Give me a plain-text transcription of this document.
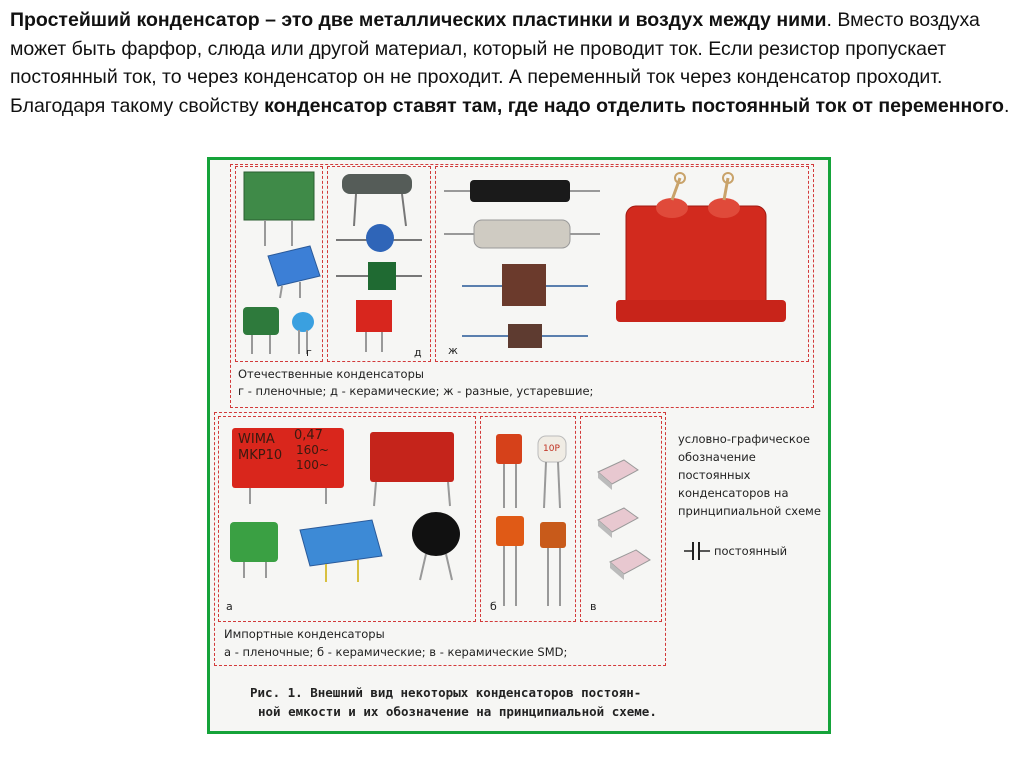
Простейший конденсатор – это две металлических пластинки и воздух между ними. Вместо воздуха может быть фарфор, слюда или другой материал, который не проводит ток. Если резистор пропускает постоянный ток, то через конденсатор он не проходит. А переменный ток через конденсатор проходит. Благодаря такому свойству конденсатор ставят там, где надо отделить постоянный ток от переменного.
г	д ж
Отечественные конденсаторы
г - пленочные; д - керамические; ж - разные, устаревшие;
WIMA
MKP10
0,47
160~
100~
а
10P
б	в
Импортные конденсаторы
а - пленочные; б - керамические; в - керамические SMD;
условно-графическое обозначение постоянных конденсаторов на принципиальной схеме
постоянный
Рис. 1. Внешний вид некоторых конденсаторов постоян-
ной емкости и их обозначение на принципиальной схеме.
